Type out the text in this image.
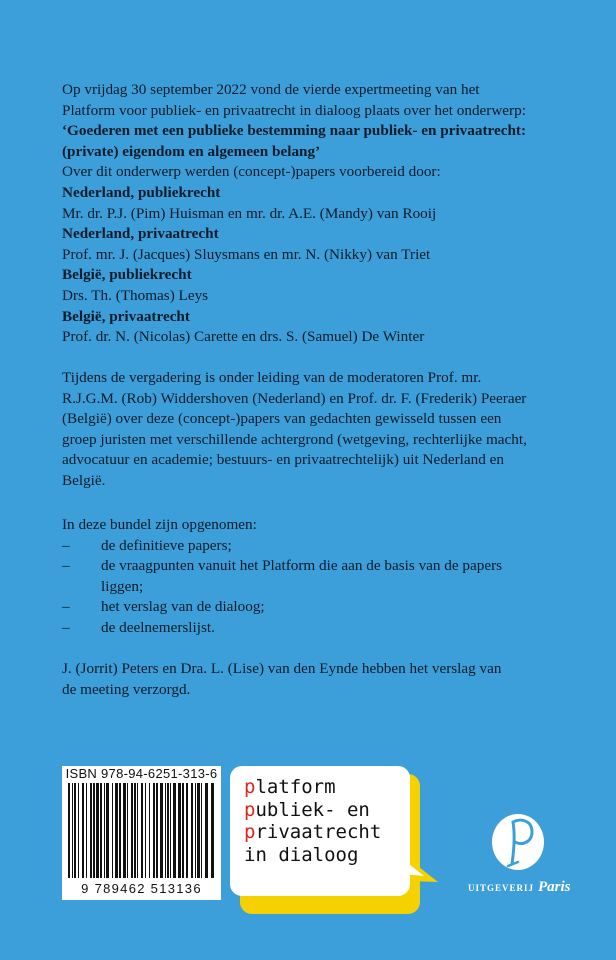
Op vrijdag 30 september 2022 vond de vierde expertmeeting van het
Platform voor publiek- en privaatrecht in dialoog plaats over het onderwerp:
‘Goederen met een publieke bestemming naar publiek- en privaatrecht:
(private) eigendom en algemeen belang’
Over dit onderwerp werden (concept-)papers voorbereid door:
Nederland, publiekrecht
Mr. dr. P.J. (Pim) Huisman en mr. dr. A.E. (Mandy) van Rooij
Nederland, privaatrecht
Prof. mr. J. (Jacques) Sluysmans en mr. N. (Nikky) van Triet
België, publiekrecht
Drs. Th. (Thomas) Leys
België, privaatrecht
Prof. dr. N. (Nicolas) Carette en drs. S. (Samuel) De Winter
Tijdens de vergadering is onder leiding van de moderatoren Prof. mr.
R.J.G.M. (Rob) Widdershoven (Nederland) en Prof. dr. F. (Frederik) Peeraer
(België) over deze (concept-)papers van gedachten gewisseld tussen een
groep juristen met verschillende achtergrond (wetgeving, rechterlijke macht,
advocatuur en academie; bestuurs- en privaatrechtelijk) uit Nederland en
België.
In deze bundel zijn opgenomen:
– de definitieve papers;
– de vraagpunten vanuit het Platform die aan de basis van de papers liggen;
– het verslag van de dialoog;
– de deelnemerslijst.
J. (Jorrit) Peters en Dra. L. (Lise) van den Eynde hebben het verslag van
de meeting verzorgd.
ISBN 978-94-6251-313-6
9 789462 513136
platform
publiek- en
privaatrecht
in dialoog
UITGEVERIJ Paris
